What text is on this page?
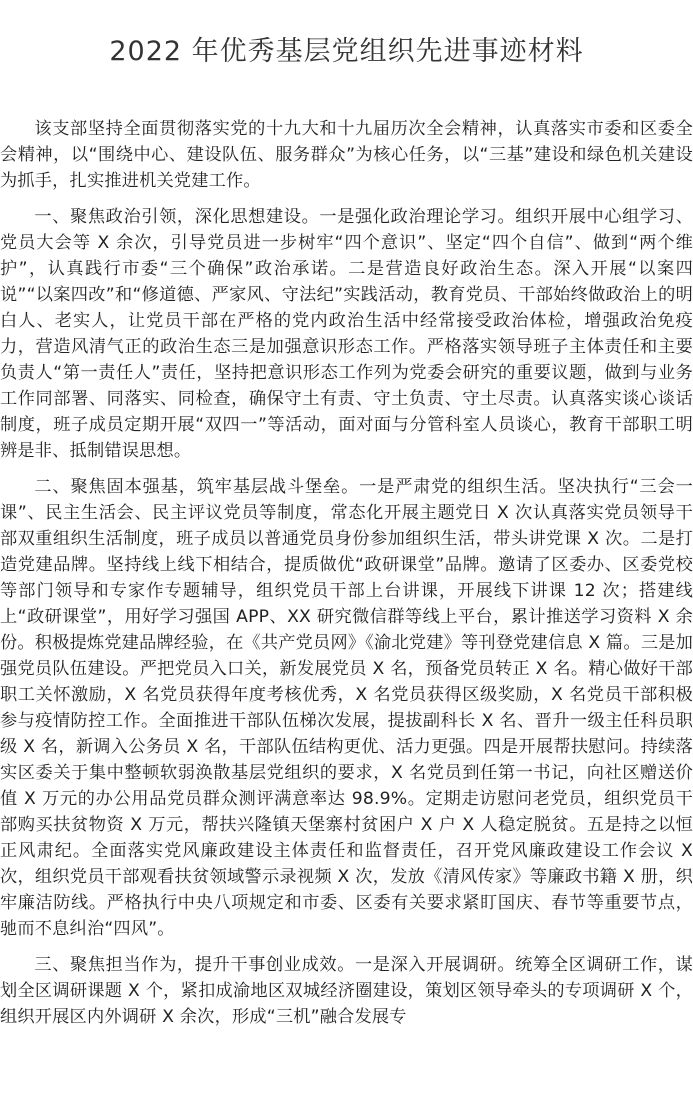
2022 年优秀基层党组织先进事迹材料

该支部坚持全面贯彻落实党的十九大和十九届历次全会精神，认真落实市委和区委全会精神，以“围绕中心、建设队伍、服务群众”为核心任务，以“三基”建设和绿色机关建设为抓手，扎实推进机关党建工作。

一、聚焦政治引领，深化思想建设。一是强化政治理论学习。组织开展中心组学习、党员大会等 X 余次，引导党员进一步树牢“四个意识”、坚定“四个自信”、做到“两个维护”，认真践行市委“三个确保”政治承诺。二是营造良好政治生态。深入开展“以案四说”“以案四改”和“修道德、严家风、守法纪”实践活动，教育党员、干部始终做政治上的明白人、老实人，让党员干部在严格的党内政治生活中经常接受政治体检，增强政治免疫力，营造风清气正的政治生态三是加强意识形态工作。严格落实领导班子主体责任和主要负责人“第一责任人”责任，坚持把意识形态工作列为党委会研究的重要议题，做到与业务工作同部署、同落实、同检查，确保守土有责、守土负责、守土尽责。认真落实谈心谈话制度，班子成员定期开展“双四一”等活动，面对面与分管科室人员谈心，教育干部职工明辨是非、抵制错误思想。

二、聚焦固本强基，筑牢基层战斗堡垒。一是严肃党的组织生活。坚决执行“三会一课”、民主生活会、民主评议党员等制度，常态化开展主题党日 X 次认真落实党员领导干部双重组织生活制度，班子成员以普通党员身份参加组织生活，带头讲党课 X 次。二是打造党建品牌。坚持线上线下相结合，提质做优“政研课堂”品牌。邀请了区委办、区委党校等部门领导和专家作专题辅导，组织党员干部上台讲课，开展线下讲课 12 次；搭建线上“政研课堂”，用好学习强国 APP、XX 研究微信群等线上平台，累计推送学习资料 X 余份。积极提炼党建品牌经验，在《共产党员网》《渝北党建》等刊登党建信息 X 篇。三是加强党员队伍建设。严把党员入口关，新发展党员 X 名，预备党员转正 X 名。精心做好干部职工关怀激励，X 名党员获得年度考核优秀，X 名党员获得区级奖励，X 名党员干部积极参与疫情防控工作。全面推进干部队伍梯次发展，提拔副科长 X 名、晋升一级主任科员职级 X 名，新调入公务员 X 名，干部队伍结构更优、活力更强。四是开展帮扶慰问。持续落实区委关于集中整顿软弱涣散基层党组织的要求，X 名党员到任第一书记，向社区赠送价值 X 万元的办公用品党员群众测评满意率达 98.9%。定期走访慰问老党员，组织党员干部购买扶贫物资 X 万元，帮扶兴隆镇天堡寨村贫困户 X 户 X 人稳定脱贫。五是持之以恒正风肃纪。全面落实党风廉政建设主体责任和监督责任，召开党风廉政建设工作会议 X 次，组织党员干部观看扶贫领域警示录视频 X 次，发放《清风传家》等廉政书籍 X 册，织牢廉洁防线。严格执行中央八项规定和市委、区委有关要求紧盯国庆、春节等重要节点，驰而不息纠治“四风”。

三、聚焦担当作为，提升干事创业成效。一是深入开展调研。统筹全区调研工作，谋划全区调研课题 X 个，紧扣成渝地区双城经济圈建设，策划区领导牵头的专项调研 X 个，组织开展区内外调研 X 余次，形成“三机”融合发展专
